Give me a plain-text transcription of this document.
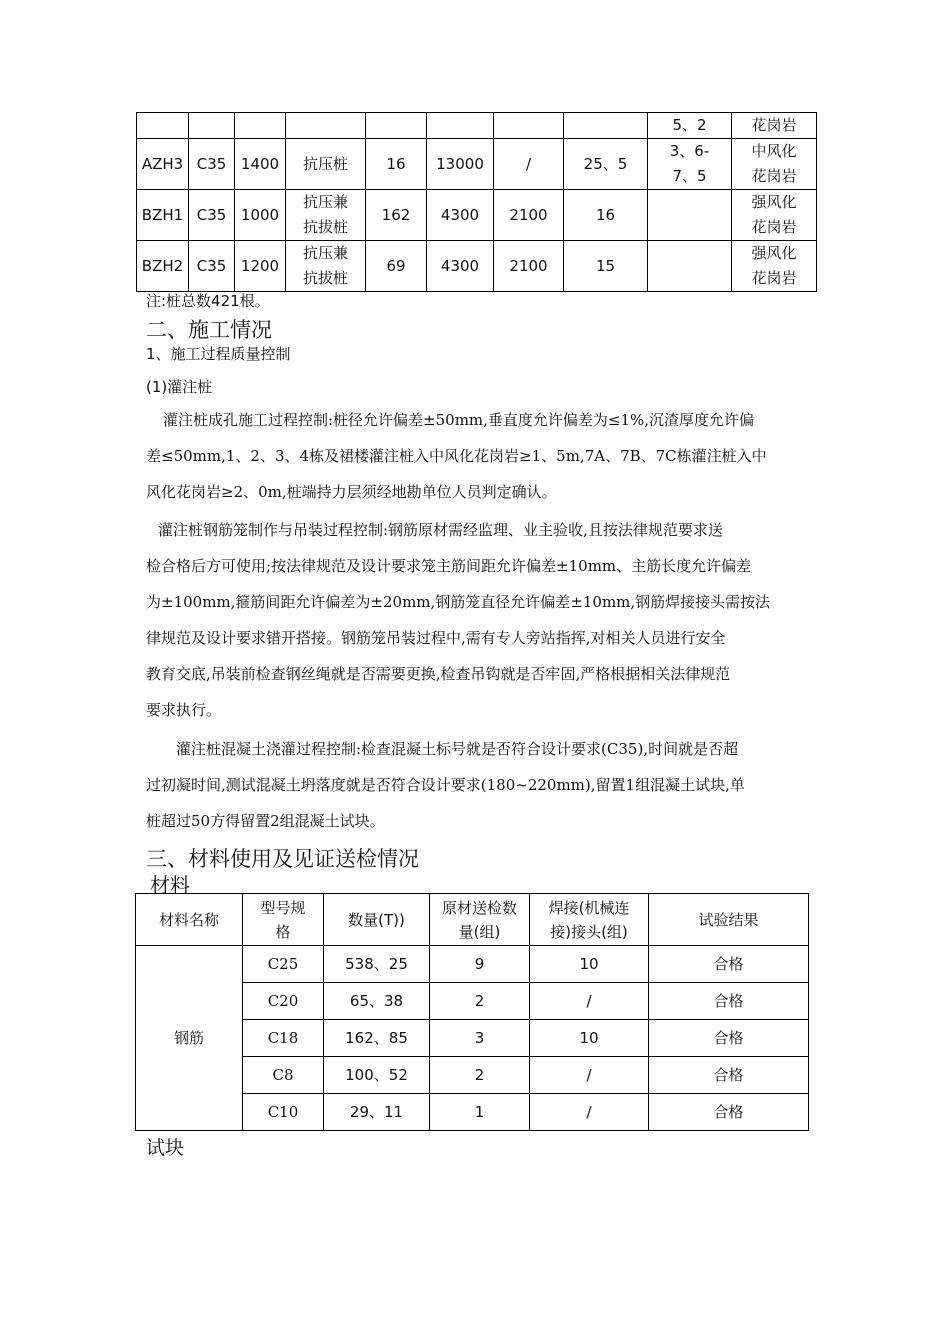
								5、2	花岗岩
AZH3	C35	1400	抗压桩	16	13000	/	25、5	3、6-
7、5	中风化
花岗岩
BZH1	C35	1000	抗压兼
抗拔桩	162	4300	2100	16		强风化
花岗岩
BZH2	C35	1200	抗压兼
抗拔桩	69	4300	2100	15		强风化
花岗岩
注:桩总数421根。
二、施工情况
1、施工过程质量控制
(1)灌注桩
灌注桩成孔施工过程控制:桩径允许偏差±50mm,垂直度允许偏差为≤1%,沉渣厚度允许偏
差≤50mm,1、2、3、4栋及裙楼灌注桩入中风化花岗岩≥1、5m,7A、7B、7C栋灌注桩入中
风化花岗岩≥2、0m,桩端持力层须经地勘单位人员判定确认。
灌注桩钢筋笼制作与吊装过程控制:钢筋原材需经监理、业主验收,且按法律规范要求送
检合格后方可使用;按法律规范及设计要求笼主筋间距允许偏差±10mm、主筋长度允许偏差
为±100mm,箍筋间距允许偏差为±20mm,钢筋笼直径允许偏差±10mm,钢筋焊接接头需按法
律规范及设计要求错开搭接。钢筋笼吊装过程中,需有专人旁站指挥,对相关人员进行安全
教育交底,吊装前检查钢丝绳就是否需要更换,检查吊钩就是否牢固,严格根据相关法律规范
要求执行。
灌注桩混凝土浇灌过程控制:检查混凝土标号就是否符合设计要求(C35),时间就是否超
过初凝时间,测试混凝土坍落度就是否符合设计要求(180~220mm),留置1组混凝土试块,单
桩超过50方得留置2组混凝土试块。
三、材料使用及见证送检情况
材料
材料名称	型号规
格	数量(T))	原材送检数
量(组)	焊接(机械连
接)接头(组)	试验结果
钢筋	C25	538、25	9	10	合格
	C20	65、38	2	/	合格
	C18	162、85	3	10	合格
	C8	100、52	2	/	合格
	C10	29、11	1	/	合格
试块
